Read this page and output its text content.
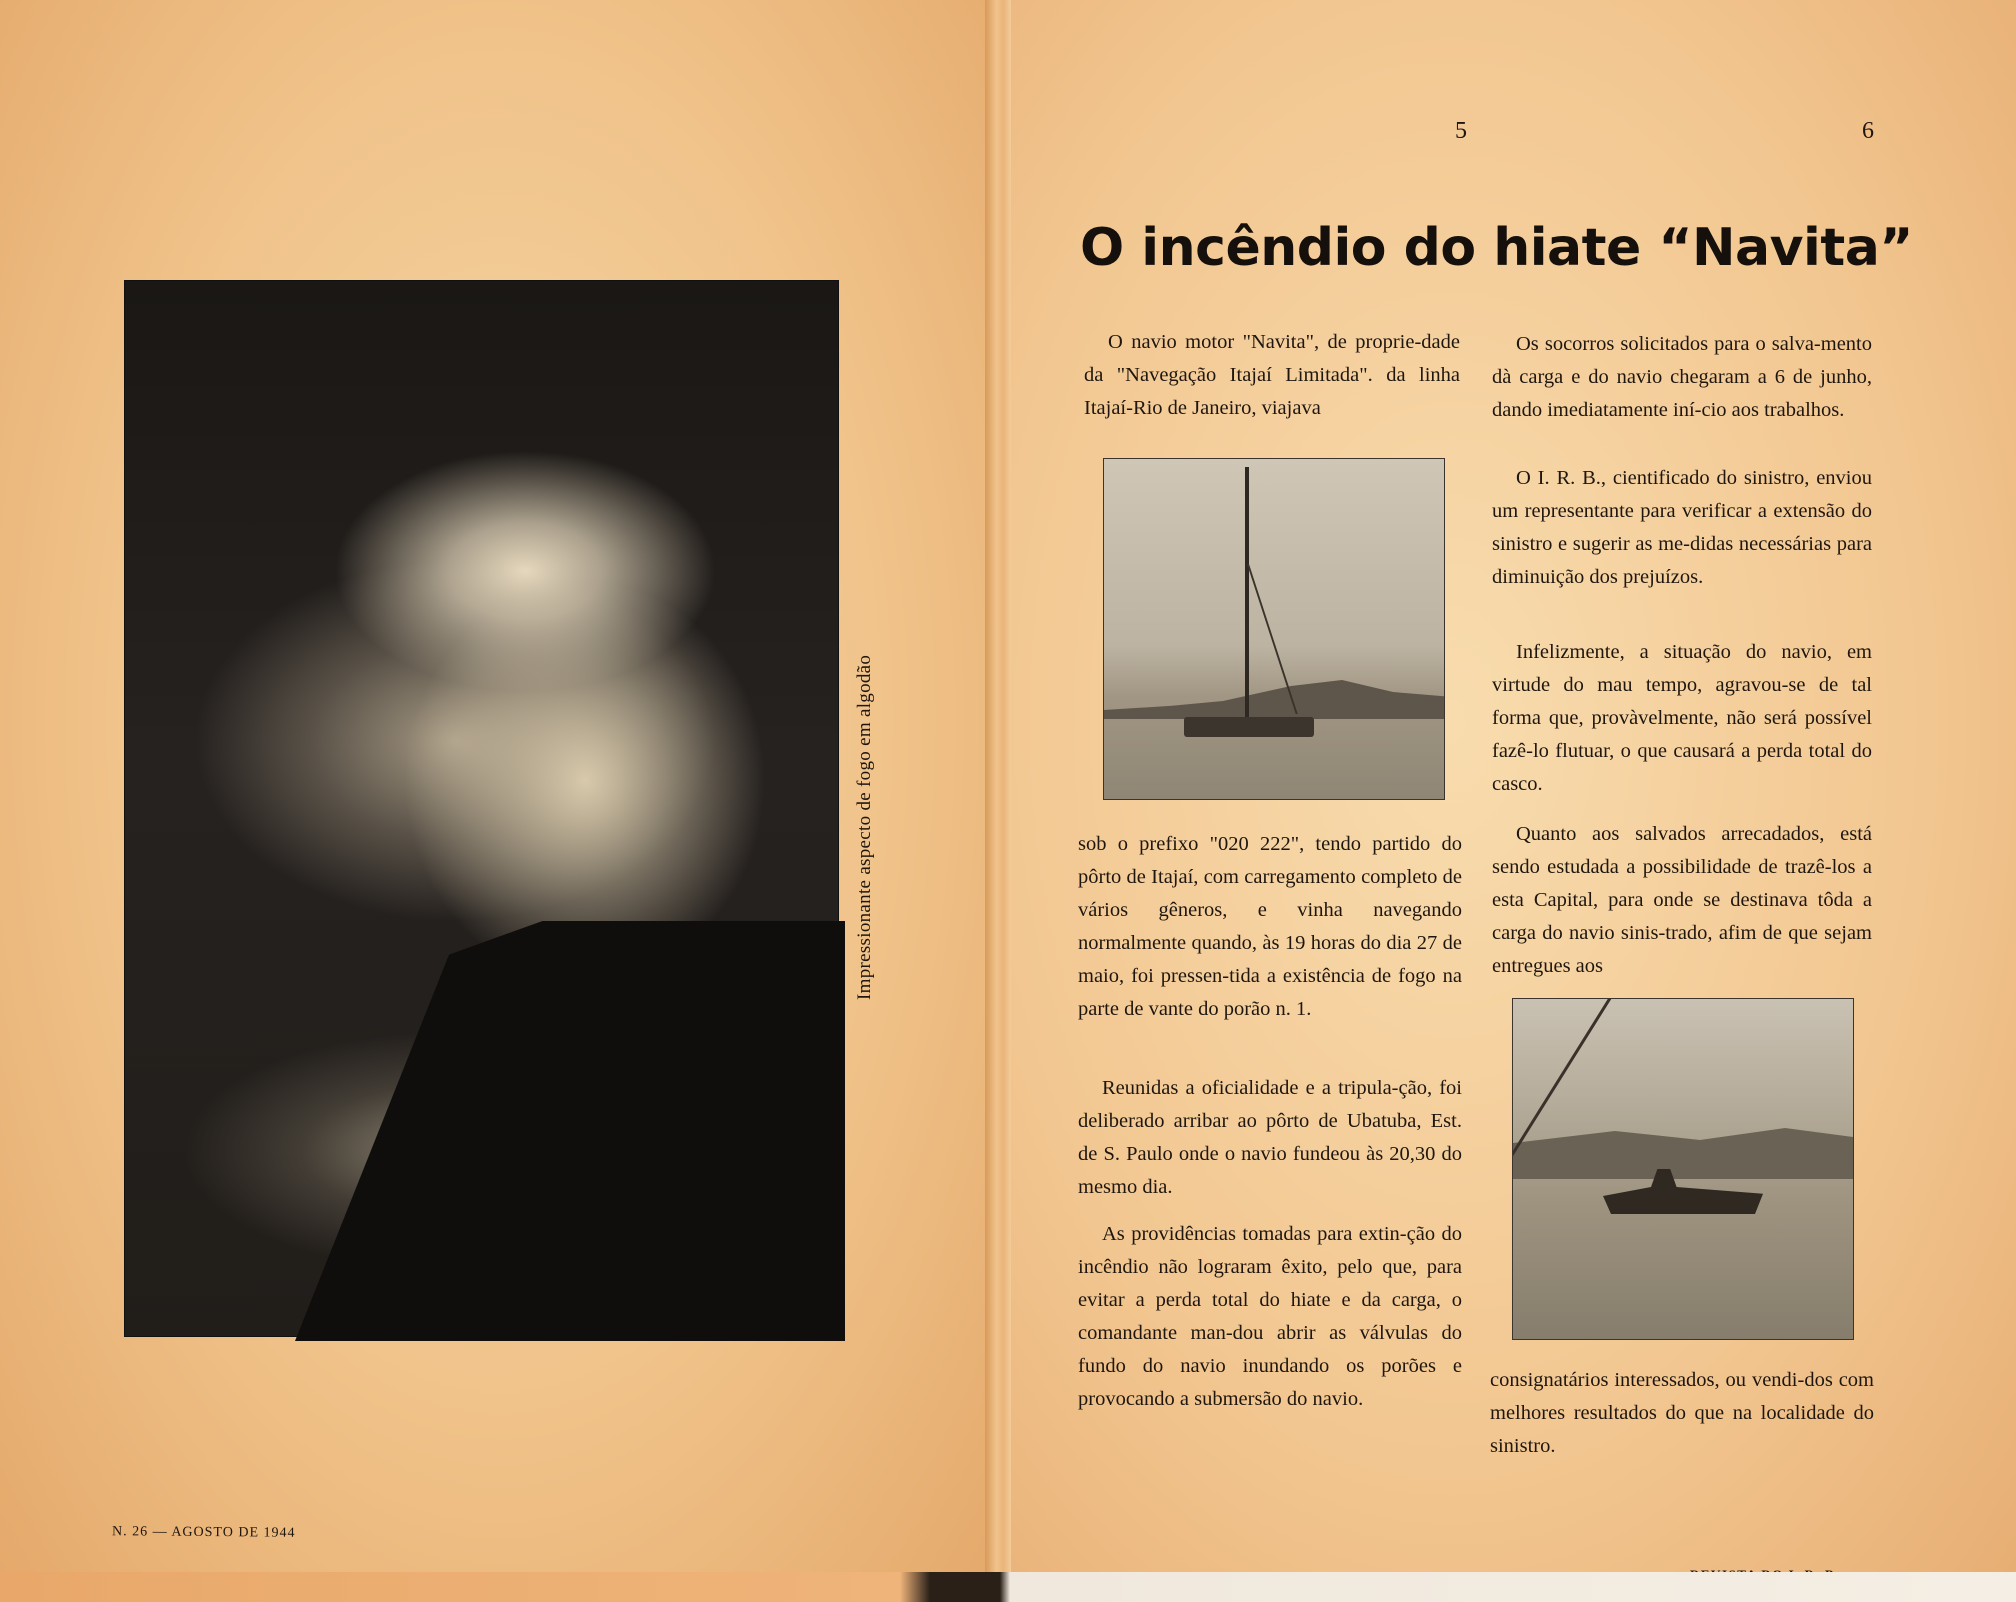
Impressionante aspecto de fogo em algodão
N. 26 — AGOSTO DE 1944
5	6
O incêndio do hiate “Navita”

O navio motor "Navita", de proprie-dade da "Navegação Itajaí Limitada". da linha Itajaí-Rio de Janeiro, viajava

sob o prefixo "020 222", tendo partido do pôrto de Itajaí, com carregamento completo de vários gêneros, e vinha navegando normalmente quando, às 19 horas do dia 27 de maio, foi pressen-tida a existência de fogo na parte de vante do porão n. 1.

Reunidas a oficialidade e a tripula-ção, foi deliberado arribar ao pôrto de Ubatuba, Est. de S. Paulo onde o navio fundeou às 20,30 do mesmo dia.

As providências tomadas para extin-ção do incêndio não lograram êxito, pelo que, para evitar a perda total do hiate e da carga, o comandante man-dou abrir as válvulas do fundo do navio inundando os porões e provocando a submersão do navio.

Os socorros solicitados para o salva-mento dà carga e do navio chegaram a 6 de junho, dando imediatamente iní-cio aos trabalhos.

O I. R. B., cientificado do sinistro, enviou um representante para verificar a extensão do sinistro e sugerir as me-didas necessárias para diminuição dos prejuízos.

Infelizmente, a situação do navio, em virtude do mau tempo, agravou-se de tal forma que, provàvelmente, não será possível fazê-lo flutuar, o que causará a perda total do casco.

Quanto aos salvados arrecadados, está sendo estudada a possibilidade de trazê-los a esta Capital, para onde se destinava tôda a carga do navio sinis-trado, afim de que sejam entregues aos

consignatários interessados, ou vendi-dos com melhores resultados do que na localidade do sinistro.
